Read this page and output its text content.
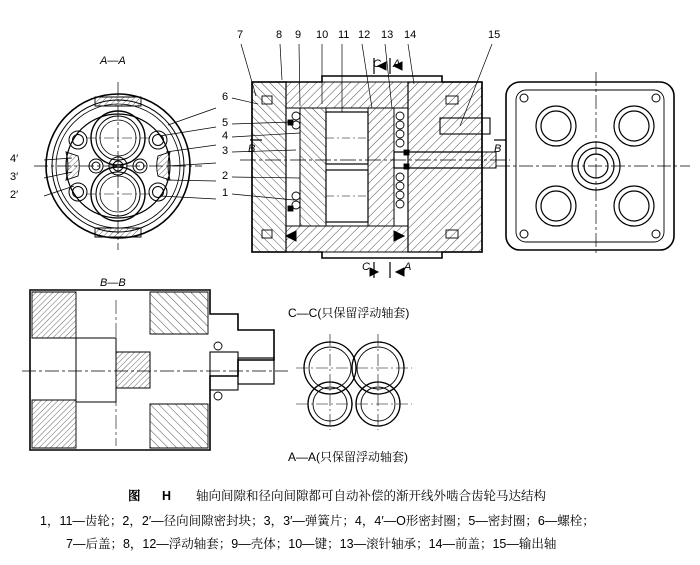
A—A
7	8 9 10 11 12 13 14	15
6
5
4
3
2
1
4′
3′
2′
C A
B	B
C	A
B—B
C—C(只保留浮动轴套)
A—A(只保留浮动轴套)
图 H 轴向间隙和径向间隙都可自动补偿的渐开线外啮合齿轮马达结构
1，11—齿轮；2，2′—径向间隙密封块；3，3′—弹簧片；4，4′—O形密封圈；5—密封圈；6—螺栓；
7—后盖；8，12—浮动轴套；9—壳体；10—键；13—滚针轴承；14—前盖；15—输出轴
